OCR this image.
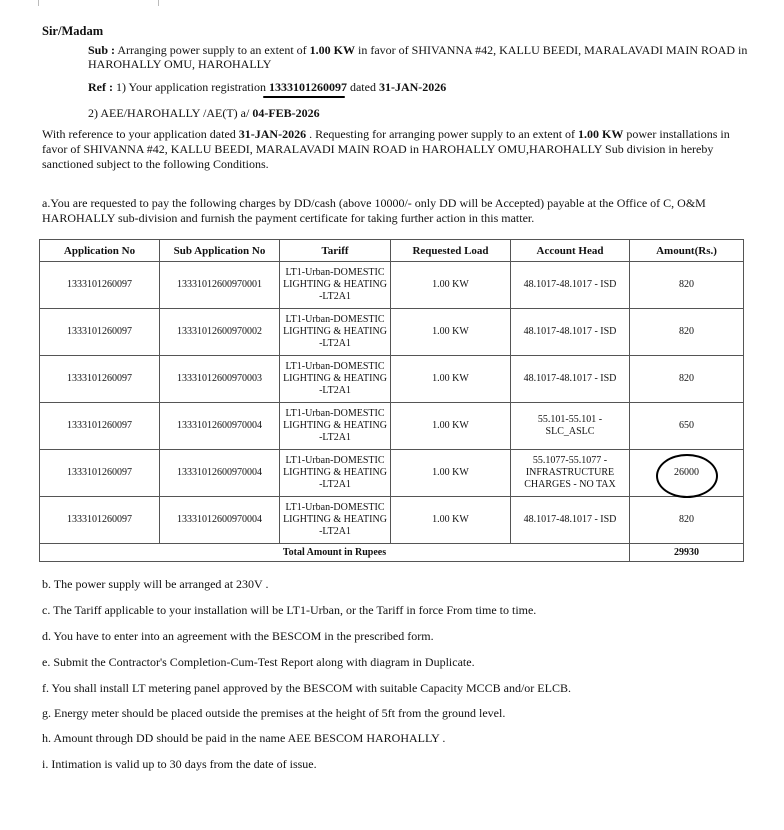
Sir/Madam
Sub : Arranging power supply to an extent of 1.00 KW in favor of SHIVANNA #42, KALLU BEEDI, MARALAVADI MAIN ROAD in HAROHALLY OMU, HAROHALLY
Ref : 1) Your application registration 1333101260097 dated 31-JAN-2026
2) AEE/HAROHALLY /AE(T) a/ 04-FEB-2026
With reference to your application dated 31-JAN-2026 . Requesting for arranging power supply to an extent of 1.00 KW power installations in favor of SHIVANNA #42, KALLU BEEDI, MARALAVADI MAIN ROAD in HAROHALLY OMU,HAROHALLY Sub division in hereby sanctioned subject to the following Conditions.
a.You are requested to pay the following charges by DD/cash (above 10000/- only DD will be Accepted) payable at the Office of C, O&M HAROHALLY sub-division and furnish the payment certificate for taking further action in this matter.
Application No	Sub Application No	Tariff	Requested Load	Account Head	Amount(Rs.)
1333101260097	13331012600970001	LT1-Urban-DOMESTIC LIGHTING & HEATING -LT2A1	1.00 KW	48.1017-48.1017 - ISD	820
1333101260097	13331012600970002	LT1-Urban-DOMESTIC LIGHTING & HEATING -LT2A1	1.00 KW	48.1017-48.1017 - ISD	820
1333101260097	13331012600970003	LT1-Urban-DOMESTIC LIGHTING & HEATING -LT2A1	1.00 KW	48.1017-48.1017 - ISD	820
1333101260097	13331012600970004	LT1-Urban-DOMESTIC LIGHTING & HEATING -LT2A1	1.00 KW	55.101-55.101 - SLC_ASLC	650
1333101260097	13331012600970004	LT1-Urban-DOMESTIC LIGHTING & HEATING -LT2A1	1.00 KW	55.1077-55.1077 - INFRASTRUCTURE CHARGES - NO TAX	26000

1333101260097	13331012600970004	LT1-Urban-DOMESTIC LIGHTING & HEATING -LT2A1	1.00 KW	48.1017-48.1017 - ISD	820
Total Amount in Rupees					29930
b. The power supply will be arranged at 230V .
c. The Tariff applicable to your installation will be LT1-Urban, or the Tariff in force From time to time.
d. You have to enter into an agreement with the BESCOM in the prescribed form.
e. Submit the Contractor's Completion-Cum-Test Report along with diagram in Duplicate.
f. You shall install LT metering panel approved by the BESCOM with suitable Capacity MCCB and/or ELCB.
g. Energy meter should be placed outside the premises at the height of 5ft from the ground level.
h. Amount through DD should be paid in the name AEE BESCOM HAROHALLY .
i. Intimation is valid up to 30 days from the date of issue.
